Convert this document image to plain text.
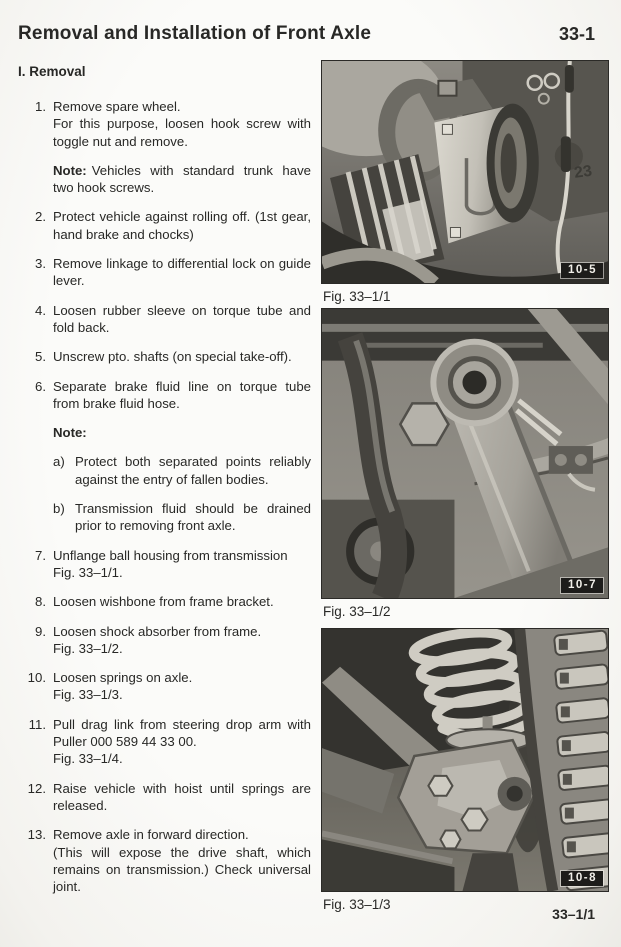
Removal and Installation of Front Axle	33-1
I. Removal
1. Remove spare wheel.

For this purpose, loosen hook screw with toggle nut and remove.

Note: Vehicles with standard trunk have two hook screws.
2. Protect vehicle against rolling off. (1st gear, hand brake and chocks)

3. Remove linkage to differential lock on guide lever.

4. Loosen rubber sleeve on torque tube and fold back.

5. Unscrew pto. shafts (on special take-off).

6. Separate brake fluid line on torque tube from brake fluid hose.

Note:
a) Protect both separated points reliably against the entry of fallen bodies.

b) Transmission fluid should be drained prior to removing front axle.

7. Unflange ball housing from transmission

Fig. 33–1/1.

8. Loosen wishbone from frame bracket.

9. Loosen shock absorber from frame.

Fig. 33–1/2.

10. Loosen springs on axle.

Fig. 33–1/3.

11. Pull drag link from steering drop arm with Puller 000 589 44 33 00.

Fig. 33–1/4.

12. Raise vehicle with hoist until springs are released.

13. Remove axle in forward direction.

(This will expose the drive shaft, which remains on transmission.) Check universal joint.

23
10-5
Fig. 33–1/1
10-7
Fig. 33–1/2
10-8
Fig. 33–1/3
33–1/1
